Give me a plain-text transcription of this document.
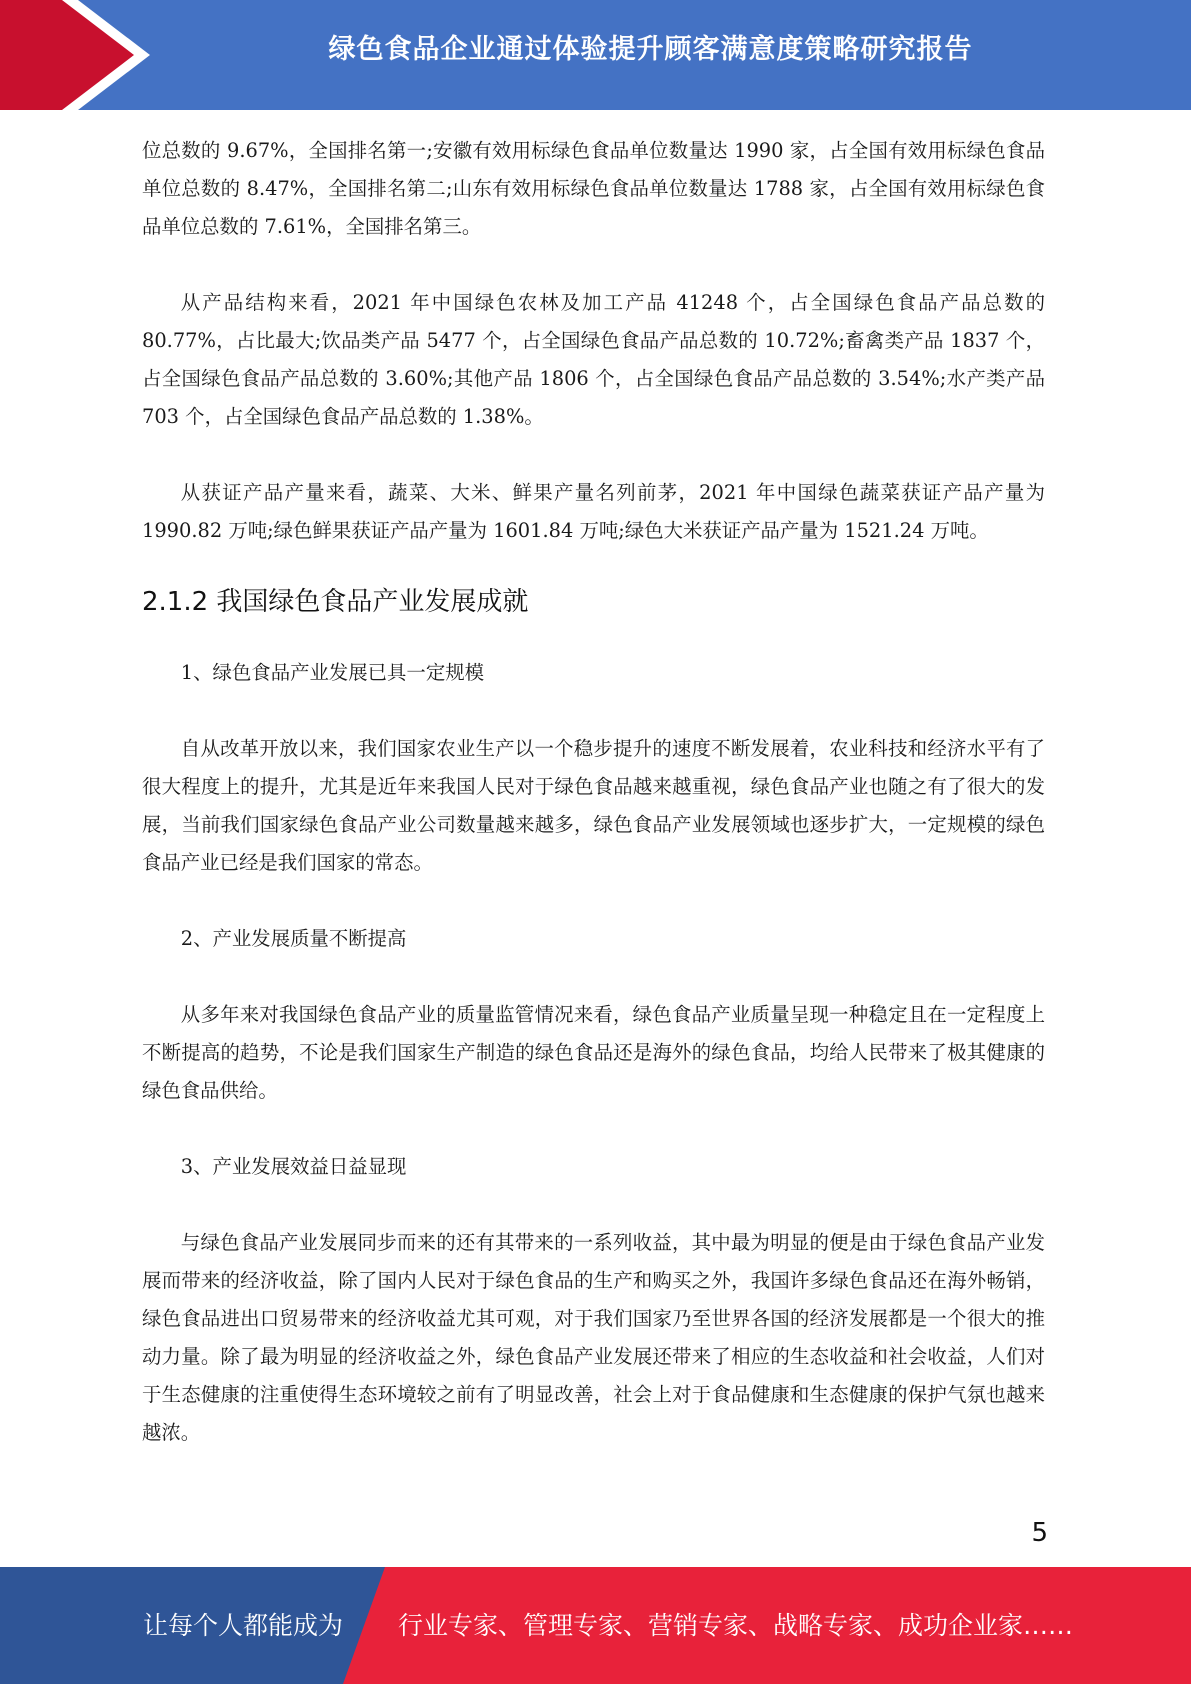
绿色食品企业通过体验提升顾客满意度策略研究报告

位总数的 9.67%，全国排名第一;安徽有效用标绿色食品单位数量达 1990 家，占全国有效用标绿色食品单位总数的 8.47%，全国排名第二;山东有效用标绿色食品单位数量达 1788 家，占全国有效用标绿色食品单位总数的 7.61%，全国排名第三。

从产品结构来看，2021 年中国绿色农林及加工产品 41248 个，占全国绿色食品产品总数的 80.77%，占比最大;饮品类产品 5477 个，占全国绿色食品产品总数的 10.72%;畜禽类产品 1837 个，占全国绿色食品产品总数的 3.60%;其他产品 1806 个，占全国绿色食品产品总数的 3.54%;水产类产品 703 个，占全国绿色食品产品总数的 1.38%。

从获证产品产量来看，蔬菜、大米、鲜果产量名列前茅，2021 年中国绿色蔬菜获证产品产量为 1990.82 万吨;绿色鲜果获证产品产量为 1601.84 万吨;绿色大米获证产品产量为 1521.24 万吨。

2.1.2 我国绿色食品产业发展成就

1、绿色食品产业发展已具一定规模

自从改革开放以来，我们国家农业生产以一个稳步提升的速度不断发展着，农业科技和经济水平有了很大程度上的提升，尤其是近年来我国人民对于绿色食品越来越重视，绿色食品产业也随之有了很大的发展，当前我们国家绿色食品产业公司数量越来越多，绿色食品产业发展领域也逐步扩大，一定规模的绿色食品产业已经是我们国家的常态。

2、产业发展质量不断提高

从多年来对我国绿色食品产业的质量监管情况来看，绿色食品产业质量呈现一种稳定且在一定程度上不断提高的趋势，不论是我们国家生产制造的绿色食品还是海外的绿色食品，均给人民带来了极其健康的绿色食品供给。

3、产业发展效益日益显现

与绿色食品产业发展同步而来的还有其带来的一系列收益，其中最为明显的便是由于绿色食品产业发展而带来的经济收益，除了国内人民对于绿色食品的生产和购买之外，我国许多绿色食品还在海外畅销，绿色食品进出口贸易带来的经济收益尤其可观，对于我们国家乃至世界各国的经济发展都是一个很大的推动力量。除了最为明显的经济收益之外，绿色食品产业发展还带来了相应的生态收益和社会收益，人们对于生态健康的注重使得生态环境较之前有了明显改善，社会上对于食品健康和生态健康的保护气氛也越来越浓。

5
让每个人都能成为 行业专家、管理专家、营销专家、战略专家、成功企业家……
